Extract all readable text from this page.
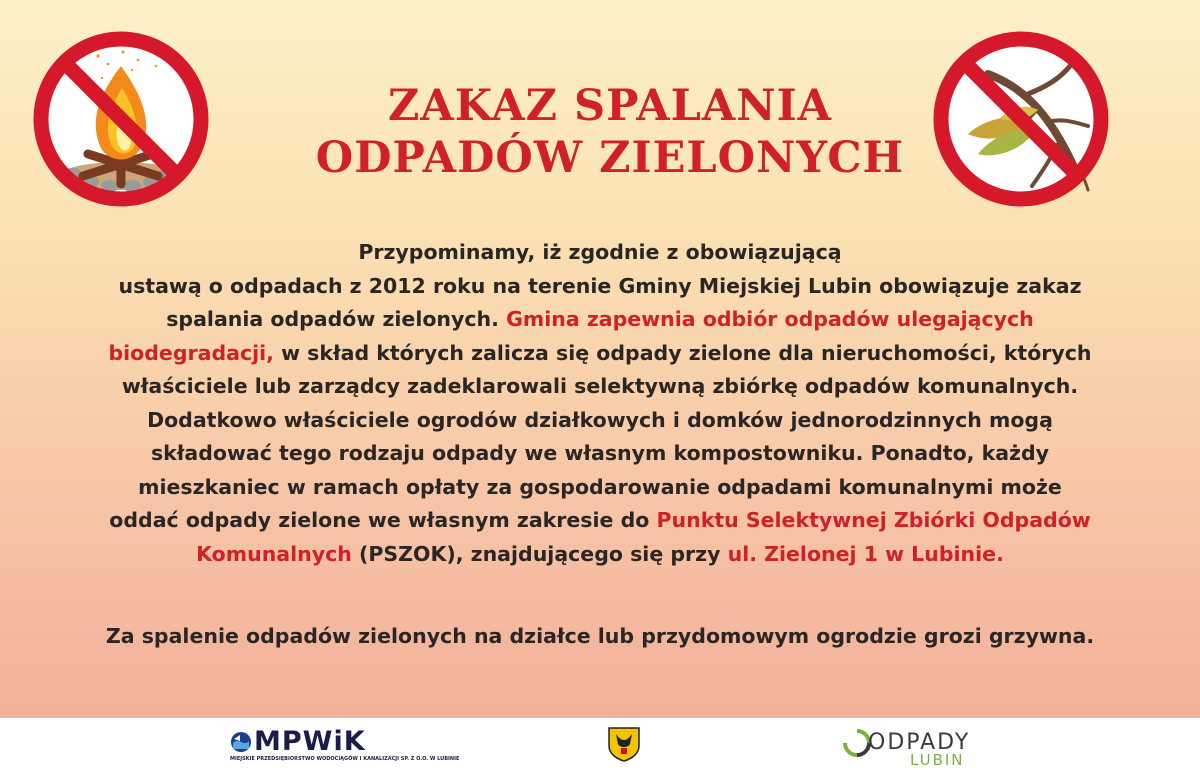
ZAKAZ SPALANIA
ODPADÓW ZIELONYCH

Przypominamy, iż zgodnie z obowiązującą
ustawą o odpadach z 2012 roku na terenie Gminy Miejskiej Lubin obowiązuje zakaz
spalania odpadów zielonych. Gmina zapewnia odbiór odpadów ulegających
biodegradacji, w skład których zalicza się odpady zielone dla nieruchomości, których
właściciele lub zarządcy zadeklarowali selektywną zbiórkę odpadów komunalnych.
Dodatkowo właściciele ogrodów działkowych i domków jednorodzinnych mogą
składować tego rodzaju odpady we własnym kompostowniku. Ponadto, każdy
mieszkaniec w ramach opłaty za gospodarowanie odpadami komunalnymi może
oddać odpady zielone we własnym zakresie do Punktu Selektywnej Zbiórki Odpadów
Komunalnych (PSZOK), znajdującego się przy ul. Zielonej 1 w Lubinie.

Za spalenie odpadów zielonych na działce lub przydomowym ogrodzie grozi grzywna.

MPWiK
MIEJSKIE PRZEDSIĘBIORSTWO WODOCIĄGÓW I KANALIZACJI SP. Z O.O. W LUBINIE
ODPADY
LUBIN
